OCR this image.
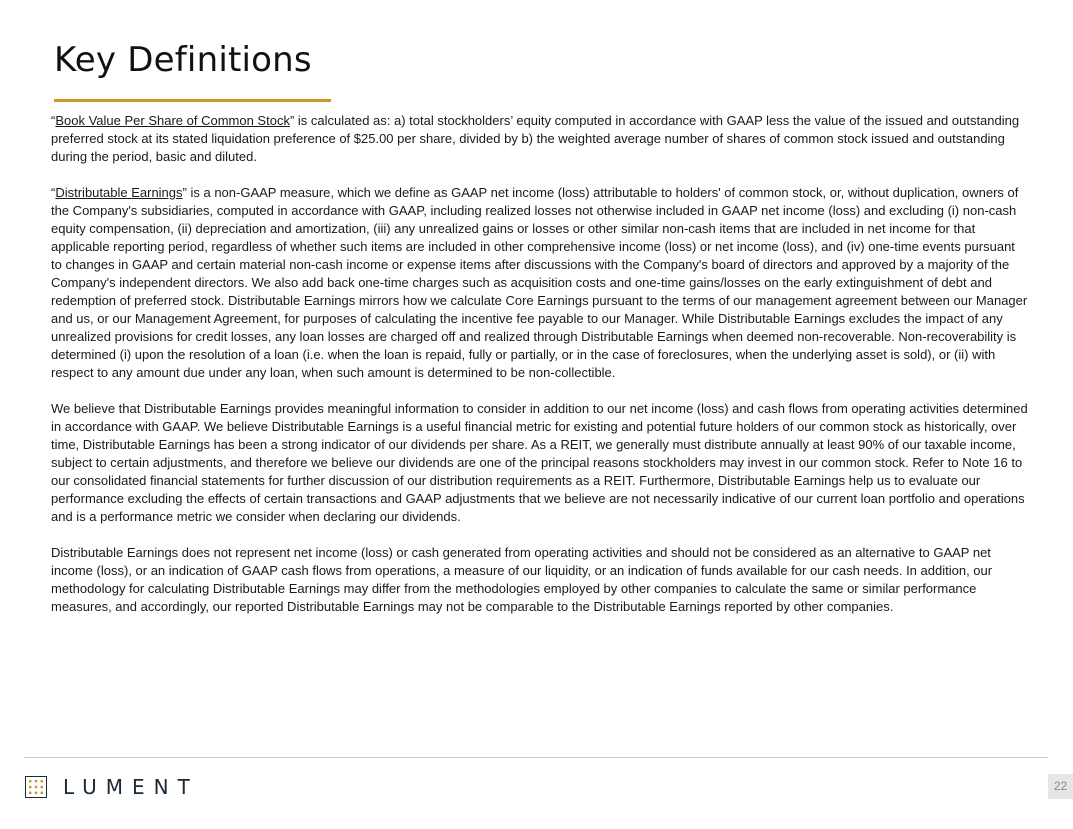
Key Definitions

“Book Value Per Share of Common Stock” is calculated as: a) total stockholders’ equity computed in accordance with GAAP less the value of the issued and outstanding preferred stock at its stated liquidation preference of $25.00 per share, divided by b) the weighted average number of shares of common stock issued and outstanding during the period, basic and diluted.

“Distributable Earnings” is a non-GAAP measure, which we define as GAAP net income (loss) attributable to holders' of common stock, or, without duplication, owners of the Company's subsidiaries, computed in accordance with GAAP, including realized losses not otherwise included in GAAP net income (loss) and excluding (i) non-cash equity compensation, (ii) depreciation and amortization, (iii) any unrealized gains or losses or other similar non-cash items that are included in net income for that applicable reporting period, regardless of whether such items are included in other comprehensive income (loss) or net income (loss), and (iv) one-time events pursuant to changes in GAAP and certain material non-cash income or expense items after discussions with the Company's board of directors and approved by a majority of the Company's independent directors. We also add back one-time charges such as acquisition costs and one-time gains/losses on the early extinguishment of debt and redemption of preferred stock. Distributable Earnings mirrors how we calculate Core Earnings pursuant to the terms of our management agreement between our Manager and us, or our Management Agreement, for purposes of calculating the incentive fee payable to our Manager. While Distributable Earnings excludes the impact of any unrealized provisions for credit losses, any loan losses are charged off and realized through Distributable Earnings when deemed non-recoverable. Non-recoverability is determined (i) upon the resolution of a loan (i.e. when the loan is repaid, fully or partially, or in the case of foreclosures, when the underlying asset is sold), or (ii) with respect to any amount due under any loan, when such amount is determined to be non-collectible.

We believe that Distributable Earnings provides meaningful information to consider in addition to our net income (loss) and cash flows from operating activities determined in accordance with GAAP. We believe Distributable Earnings is a useful financial metric for existing and potential future holders of our common stock as historically, over time, Distributable Earnings has been a strong indicator of our dividends per share. As a REIT, we generally must distribute annually at least 90% of our taxable income, subject to certain adjustments, and therefore we believe our dividends are one of the principal reasons stockholders may invest in our common stock. Refer to Note 16 to our consolidated financial statements for further discussion of our distribution requirements as a REIT. Furthermore, Distributable Earnings help us to evaluate our performance excluding the effects of certain transactions and GAAP adjustments that we believe are not necessarily indicative of our current loan portfolio and operations and is a performance metric we consider when declaring our dividends.

Distributable Earnings does not represent net income (loss) or cash generated from operating activities and should not be considered as an alternative to GAAP net income (loss), or an indication of GAAP cash flows from operations, a measure of our liquidity, or an indication of funds available for our cash needs. In addition, our methodology for calculating Distributable Earnings may differ from the methodologies employed by other companies to calculate the same or similar performance measures, and accordingly, our reported Distributable Earnings may not be comparable to the Distributable Earnings reported by other companies.

LUMENT	22
